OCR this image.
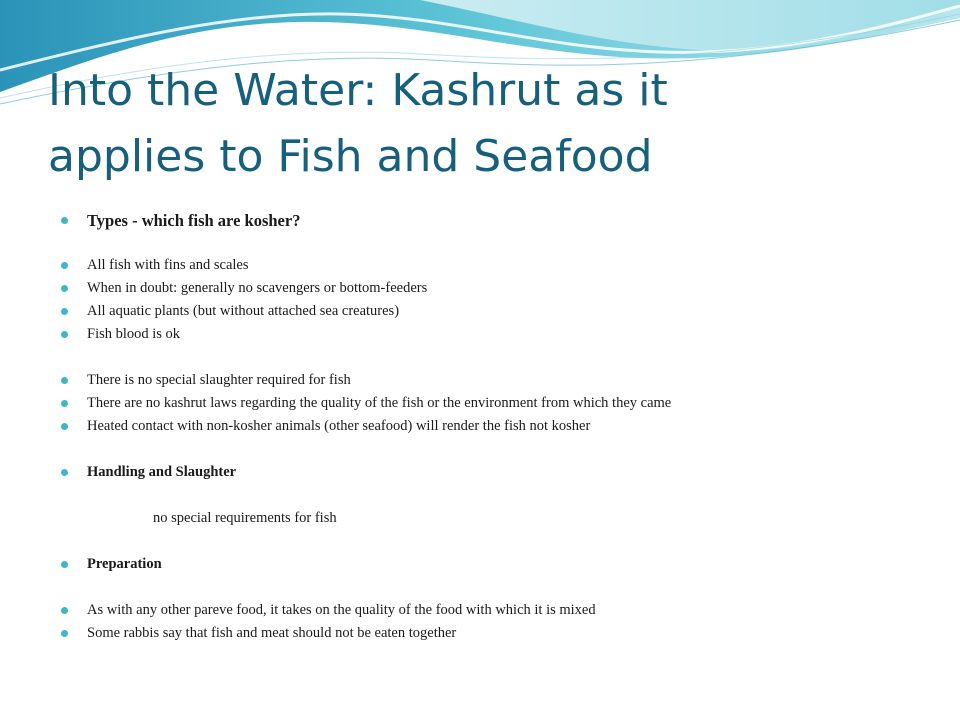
Into the Water: Kashrut as it
applies to Fish and Seafood
Types - which fish are kosher?
All fish with fins and scales
When in doubt: generally no scavengers or bottom-feeders
All aquatic plants (but without attached sea creatures)
Fish blood is ok
There is no special slaughter required for fish
There are no kashrut laws regarding the quality of the fish or the environment from which they came
Heated contact with non-kosher animals (other seafood) will render the fish not kosher
Handling and Slaughter
no special requirements for fish
Preparation
As with any other pareve food, it takes on the quality of the food with which it is mixed
Some rabbis say that fish and meat should not be eaten together
